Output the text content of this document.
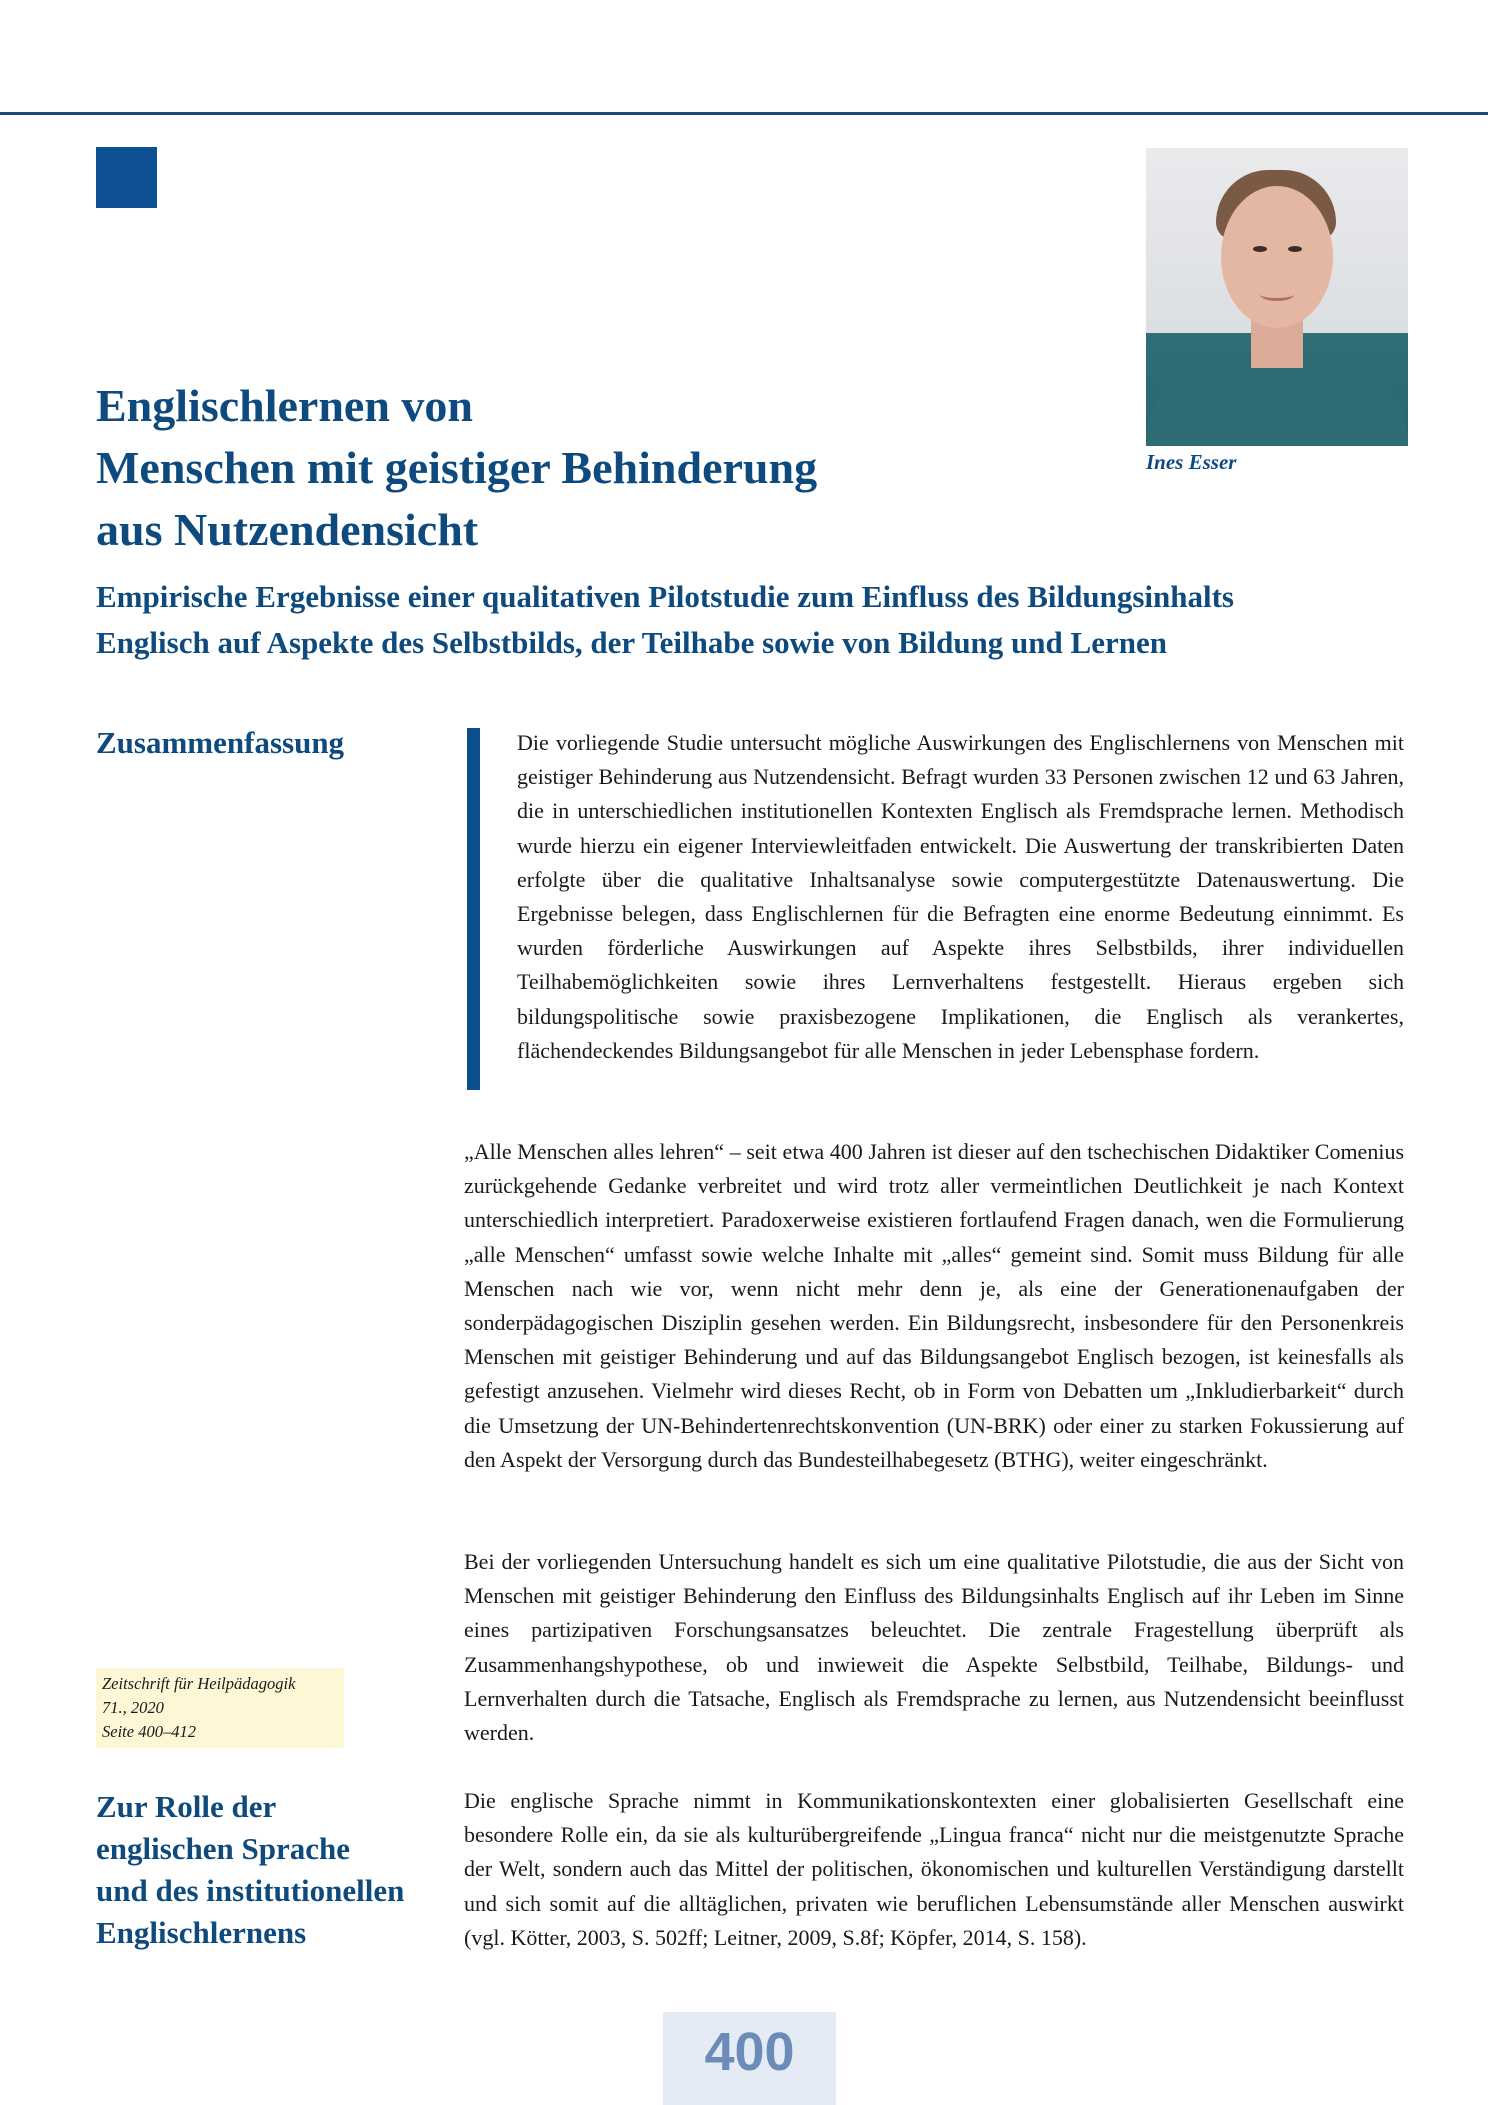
Ines Esser
Englischlernen von
Menschen mit geistiger Behinderung
aus Nutzendensicht
Empirische Ergebnisse einer qualitativen Pilotstudie zum Einfluss des Bildungsinhalts
Englisch auf Aspekte des Selbstbilds, der Teilhabe sowie von Bildung und Lernen
Zusammenfassung	Die vorliegende Studie untersucht mögliche Auswirkungen des Englischlernens von Menschen mit geistiger Behinderung aus Nutzendensicht. Befragt wurden 33 Personen zwischen 12 und 63 Jahren, die in unterschiedlichen institutionellen Kontexten Englisch als Fremdsprache lernen. Methodisch wurde hierzu ein eigener Interviewleitfaden entwickelt. Die Auswertung der transkribierten Daten erfolgte über die qualitative Inhaltsanalyse sowie computergestützte Datenauswertung. Die Ergebnisse belegen, dass Englischlernen für die Befragten eine enorme Bedeutung einnimmt. Es wurden förderliche Auswirkungen auf Aspekte ihres Selbstbilds, ihrer individuellen Teilhabemöglichkeiten sowie ihres Lernverhaltens festgestellt. Hieraus ergeben sich bildungspolitische sowie praxisbezogene Implikationen, die Englisch als verankertes, flächendeckendes Bildungsangebot für alle Menschen in jeder Lebensphase fordern.

„Alle Menschen alles lehren“ – seit etwa 400 Jahren ist dieser auf den tschechischen Didaktiker Comenius zurückgehende Gedanke verbreitet und wird trotz aller vermeintlichen Deutlichkeit je nach Kontext unterschiedlich interpretiert. Paradoxerweise existieren fortlaufend Fragen danach, wen die Formulierung „alle Menschen“ umfasst sowie welche Inhalte mit „alles“ gemeint sind. Somit muss Bildung für alle Menschen nach wie vor, wenn nicht mehr denn je, als eine der Generationenaufgaben der sonderpädagogischen Disziplin gesehen werden. Ein Bildungsrecht, insbesondere für den Personenkreis Menschen mit geistiger Behinderung und auf das Bildungsangebot Englisch bezogen, ist keinesfalls als gefestigt anzusehen. Vielmehr wird dieses Recht, ob in Form von Debatten um „Inkludierbarkeit“ durch die Umsetzung der UN-Behindertenrechtskonvention (UN-BRK) oder einer zu starken Fokussierung auf den Aspekt der Versorgung durch das Bundesteilhabegesetz (BTHG), weiter eingeschränkt.

Bei der vorliegenden Untersuchung handelt es sich um eine qualitative Pilotstudie, die aus der Sicht von Menschen mit geistiger Behinderung den Einfluss des Bildungsinhalts Englisch auf ihr Leben im Sinne eines partizipativen Forschungsansatzes beleuchtet. Die zentrale Fragestellung überprüft als Zusammenhangshypothese, ob und inwieweit die Aspekte Selbstbild, Teilhabe, Bildungs- und Lernverhalten durch die Tatsache, Englisch als Fremdsprache zu lernen, aus Nutzendensicht beeinflusst werden.

Die englische Sprache nimmt in Kommunikationskontexten einer globalisierten Gesellschaft eine besondere Rolle ein, da sie als kulturübergreifende „Lingua franca“ nicht nur die meistgenutzte Sprache der Welt, sondern auch das Mittel der politischen, ökonomischen und kulturellen Verständigung darstellt und sich somit auf die alltäglichen, privaten wie beruflichen Lebensumstände aller Menschen auswirkt (vgl. Kötter, 2003, S. 502ff; Leitner, 2009, S.8f; Köpfer, 2014, S. 158).

Zeitschrift für Heilpädagogik
71., 2020
Seite 400–412
Zur Rolle der
englischen Sprache
und des institutionellen
Englischlernens
400
